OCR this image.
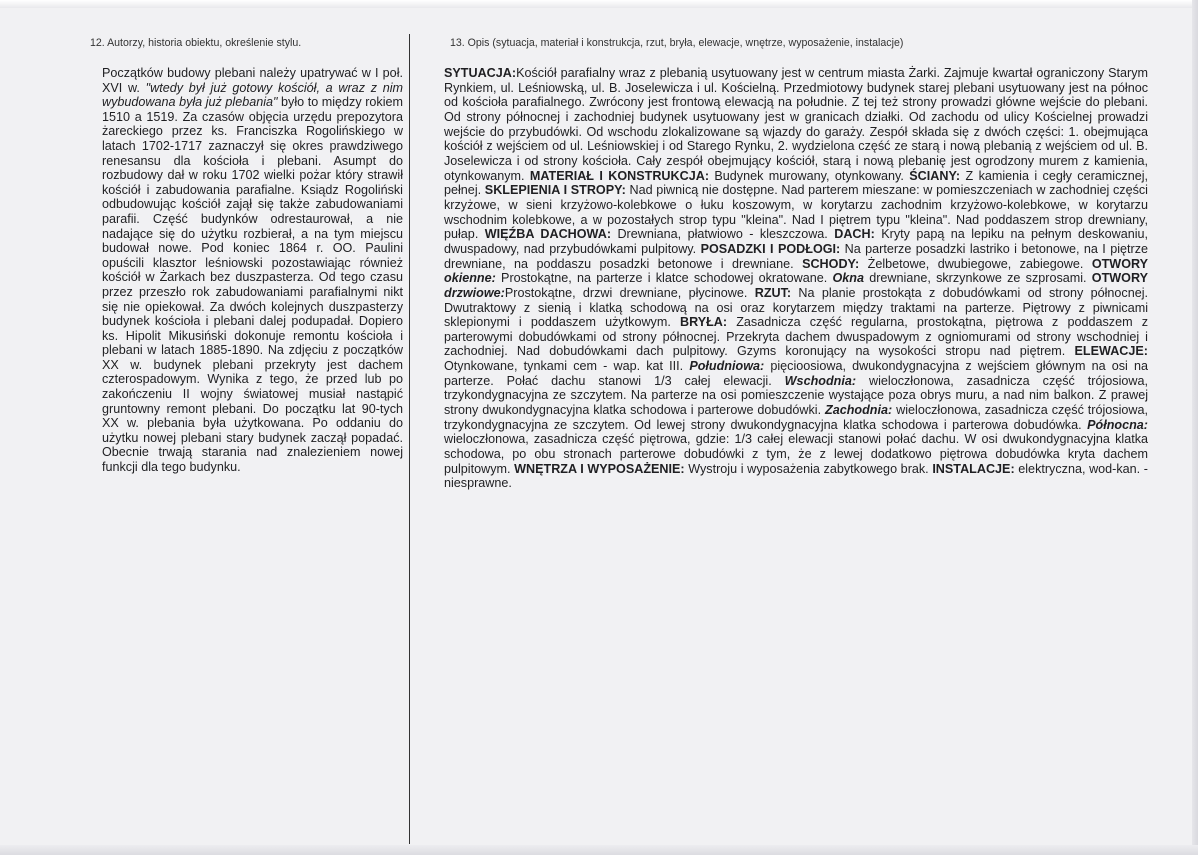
12. Autorzy, historia obiektu, określenie stylu.	13. Opis (sytuacja, materiał i konstrukcja, rzut, bryła, elewacje, wnętrze, wyposażenie, instalacje)

Początków budowy plebani należy upatrywać w I poł. XVI w. "wtedy był już gotowy kościół, a wraz z nim wybudowana była już plebania" było to między rokiem 1510 a 1519. Za czasów objęcia urzędu prepozytora żareckiego przez ks. Franciszka Rogolińskiego w latach 1702-1717 zaznaczył się okres prawdziwego renesansu dla kościoła i plebani. Asumpt do rozbudowy dał w roku 1702 wielki pożar który strawił kościół i zabudowania parafialne. Ksiądz Rogoliński odbudowując kościół zajął się także zabudowaniami parafii. Część budynków odrestaurował, a nie nadające się do użytku rozbierał, a na tym miejscu budował nowe. Pod koniec 1864 r. OO. Paulini opuścili klasztor leśniowski pozostawiając również kościół w Żarkach bez duszpasterza. Od tego czasu przez przeszło rok zabudowaniami parafialnymi nikt się nie opiekował. Za dwóch kolejnych duszpasterzy budynek kościoła i plebani dalej podupadał. Dopiero ks. Hipolit Mikusiński dokonuje remontu kościoła i plebani w latach 1885-1890. Na zdjęciu z początków XX w. budynek plebani przekryty jest dachem czterospadowym. Wynika z tego, że przed lub po zakończeniu II wojny światowej musiał nastąpić gruntowny remont plebani. Do początku lat 90-tych XX w. plebania była użytkowana. Po oddaniu do użytku nowej plebani stary budynek zaczął popadać. Obecnie trwają starania nad znalezieniem nowej funkcji dla tego budynku.

SYTUACJA:Kościół parafialny wraz z plebanią usytuowany jest w centrum miasta Żarki. Zajmuje kwartał ograniczony Starym Rynkiem, ul. Leśniowską, ul. B. Joselewicza i ul. Kościelną. Przedmiotowy budynek starej plebani usytuowany jest na północ od kościoła parafialnego. Zwrócony jest frontową elewacją na południe. Z tej też strony prowadzi główne wejście do plebani. Od strony północnej i zachodniej budynek usytuowany jest w granicach działki. Od zachodu od ulicy Kościelnej prowadzi wejście do przybudówki. Od wschodu zlokalizowane są wjazdy do garaży. Zespół składa się z dwóch części: 1. obejmująca kościół z wejściem od ul. Leśniowskiej i od Starego Rynku, 2. wydzielona część ze starą i nową plebanią z wejściem od ul. B. Joselewicza i od strony kościoła. Cały zespół obejmujący kościół, starą i nową plebanię jest ogrodzony murem z kamienia, otynkowanym. MATERIAŁ I KONSTRUKCJA: Budynek murowany, otynkowany. ŚCIANY: Z kamienia i cegły ceramicznej, pełnej. SKLEPIENIA I STROPY: Nad piwnicą nie dostępne. Nad parterem mieszane: w pomieszczeniach w zachodniej części krzyżowe, w sieni krzyżowo-kolebkowe o łuku koszowym, w korytarzu zachodnim krzyżowo-kolebkowe, w korytarzu wschodnim kolebkowe, a w pozostałych strop typu "kleina". Nad I piętrem typu "kleina". Nad poddaszem strop drewniany, pułap. WIĘŹBA DACHOWA: Drewniana, płatwiowo - kleszczowa. DACH: Kryty papą na lepiku na pełnym deskowaniu, dwuspadowy, nad przybudówkami pulpitowy. POSADZKI I PODŁOGI: Na parterze posadzki lastriko i betonowe, na I piętrze drewniane, na poddaszu posadzki betonowe i drewniane. SCHODY: Żelbetowe, dwubiegowe, zabiegowe. OTWORY okienne: Prostokątne, na parterze i klatce schodowej okratowane. Okna drewniane, skrzynkowe ze szprosami. OTWORY drzwiowe:Prostokątne, drzwi drewniane, płycinowe. RZUT: Na planie prostokąta z dobudówkami od strony północnej. Dwutraktowy z sienią i klatką schodową na osi oraz korytarzem między traktami na parterze. Piętrowy z piwnicami sklepionymi i poddaszem użytkowym. BRYŁA: Zasadnicza część regularna, prostokątna, piętrowa z poddaszem z parterowymi dobudówkami od strony północnej. Przekryta dachem dwuspadowym z ogniomurami od strony wschodniej i zachodniej. Nad dobudówkami dach pulpitowy. Gzyms koronujący na wysokości stropu nad piętrem. ELEWACJE: Otynkowane, tynkami cem - wap. kat III. Południowa: pięcioosiowa, dwukondygnacyjna z wejściem głównym na osi na parterze. Połać dachu stanowi 1/3 całej elewacji. Wschodnia: wieloczłonowa, zasadnicza część trójosiowa, trzykondygnacyjna ze szczytem. Na parterze na osi pomieszczenie wystające poza obrys muru, a nad nim balkon. Z prawej strony dwukondygnacyjna klatka schodowa i parterowe dobudówki. Zachodnia: wieloczłonowa, zasadnicza część trójosiowa, trzykondygnacyjna ze szczytem. Od lewej strony dwukondygnacyjna klatka schodowa i parterowa dobudówka. Północna: wieloczłonowa, zasadnicza część piętrowa, gdzie: 1/3 całej elewacji stanowi połać dachu. W osi dwukondygnacyjna klatka schodowa, po obu stronach parterowe dobudówki z tym, że z lewej dodatkowo piętrowa dobudówka kryta dachem pulpitowym. WNĘTRZA I WYPOSAŻENIE: Wystroju i wyposażenia zabytkowego brak. INSTALACJE: elektryczna, wod-kan. - niesprawne.
